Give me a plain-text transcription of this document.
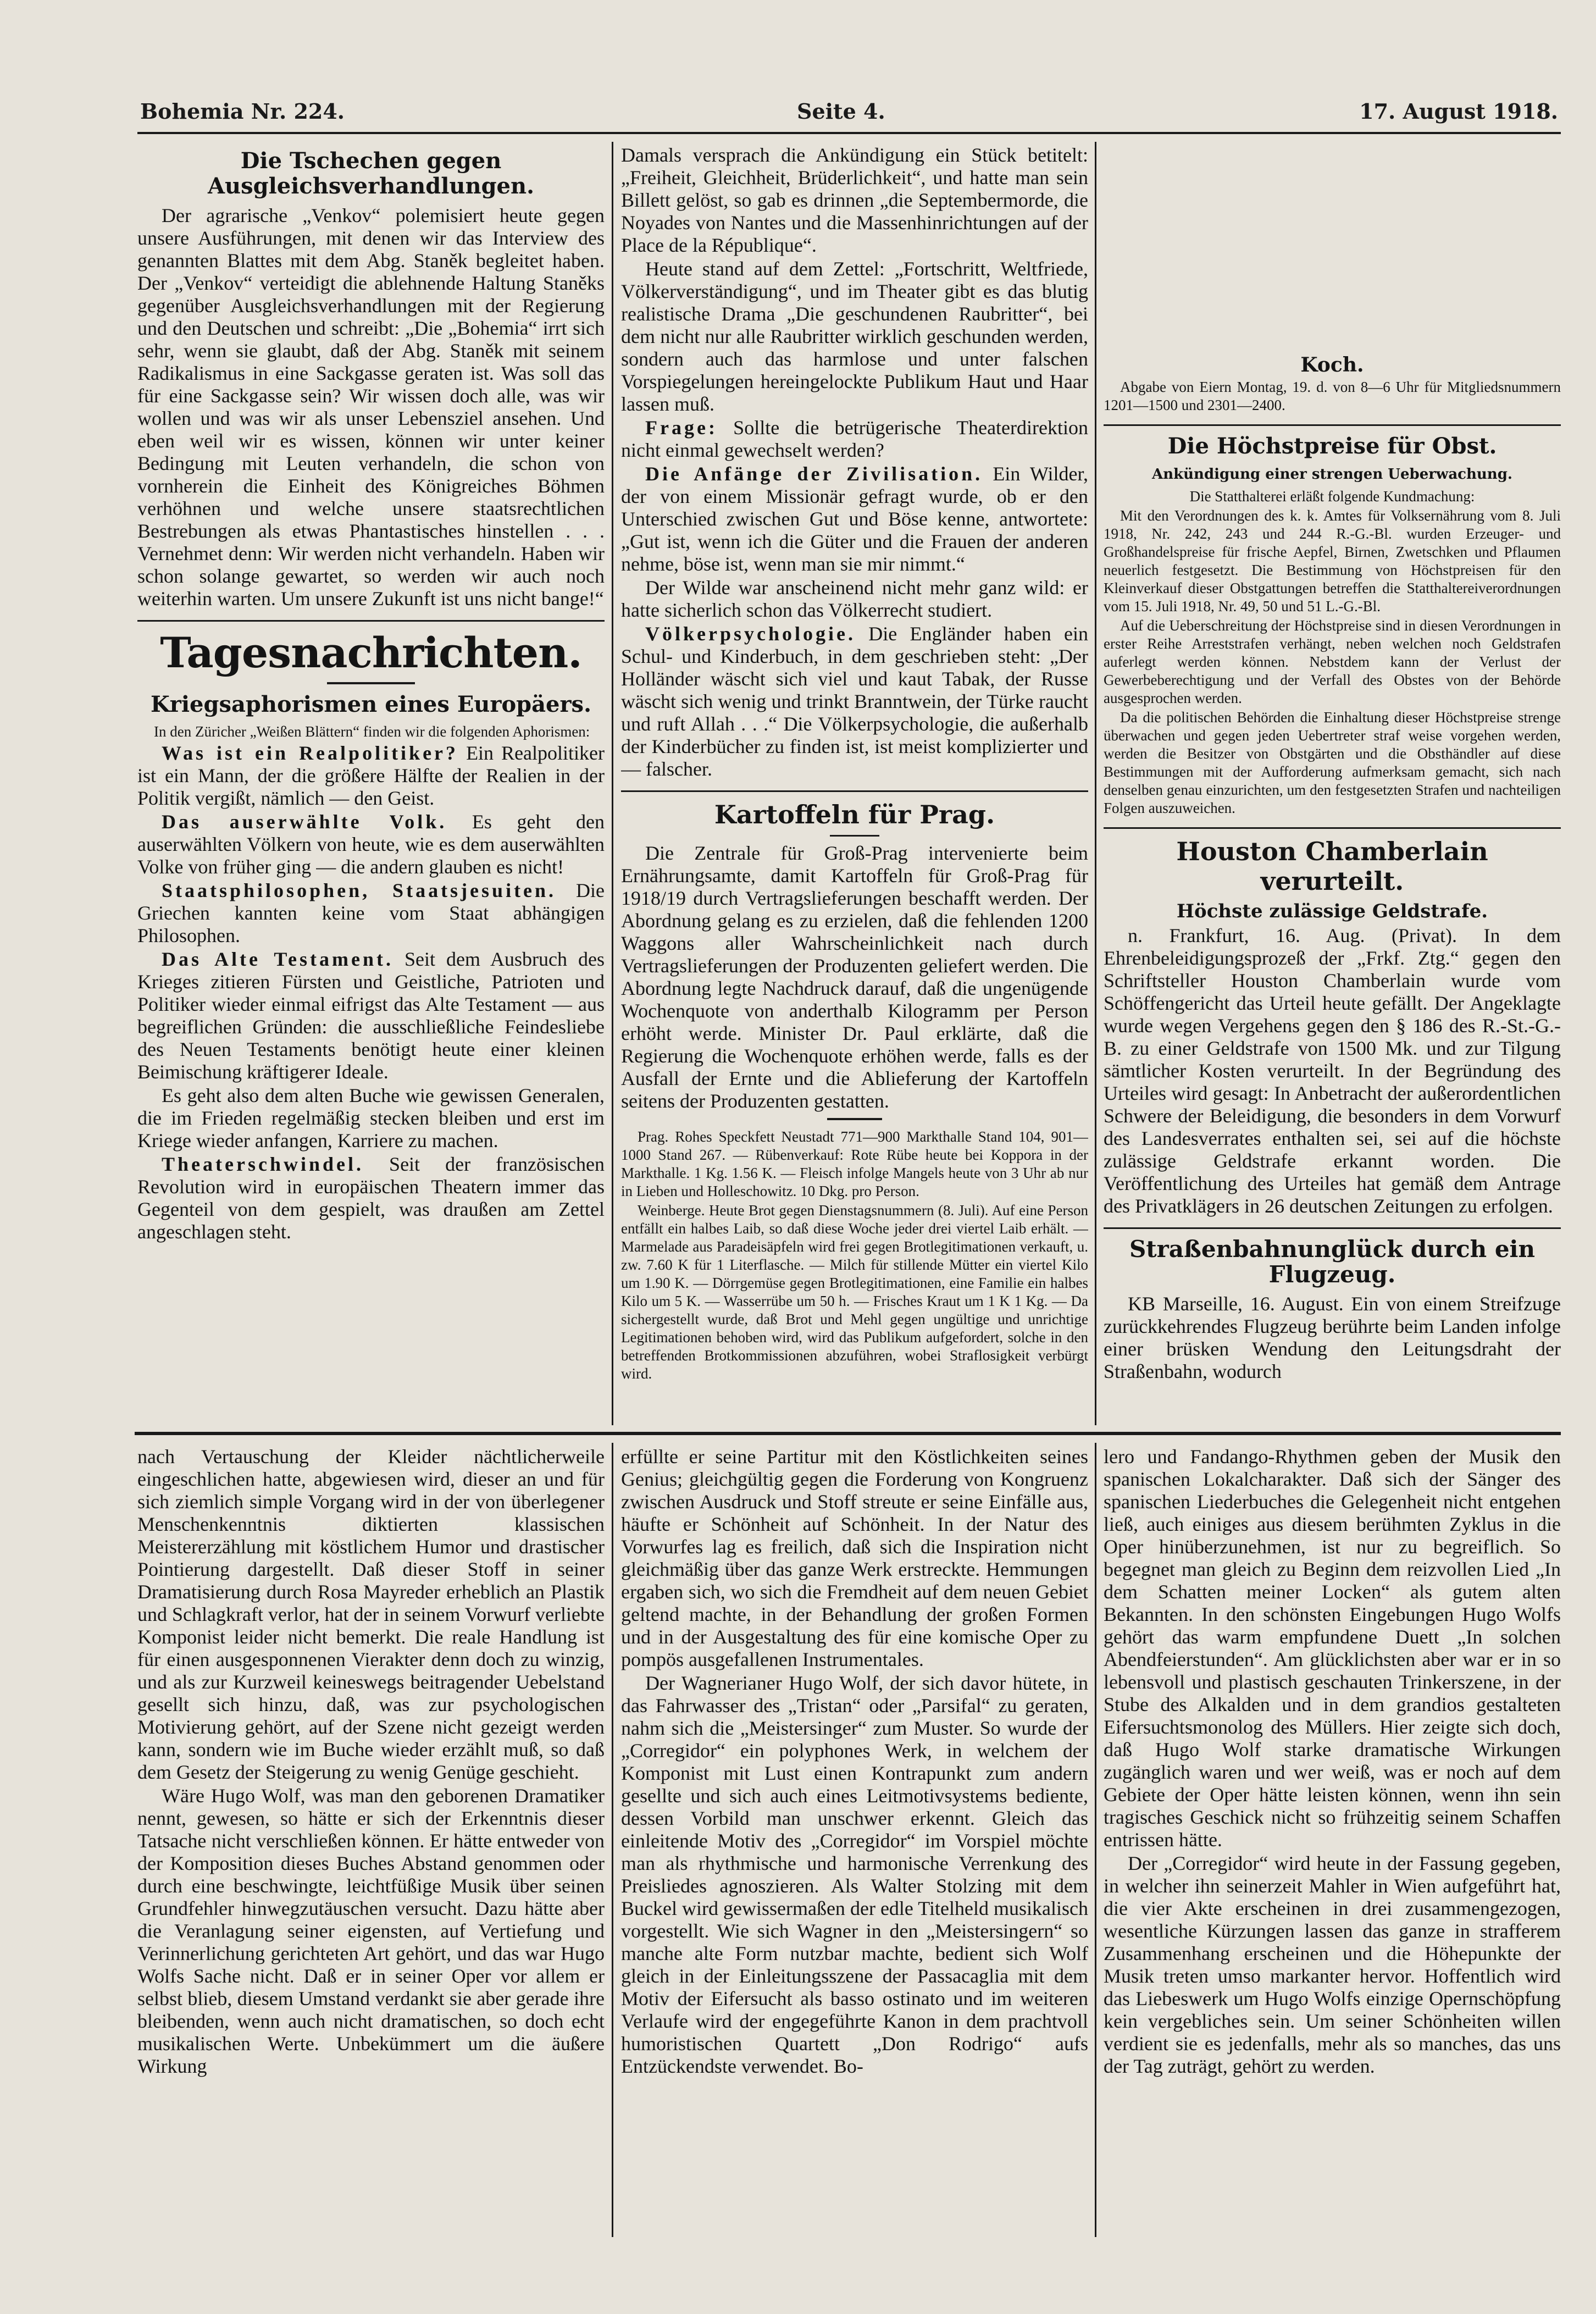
Bohemia Nr. 224.	Seite 4.	17. August 1918.
Die Tschechen gegen Ausgleichsverhandlungen.

Der agrarische „Venkov“ polemisiert heute gegen unsere Ausführungen, mit denen wir das Interview des genannten Blattes mit dem Abg. Staněk begleitet haben. Der „Venkov“ verteidigt die ablehnende Haltung Staněks gegenüber Ausgleichsverhandlungen mit der Regierung und den Deutschen und schreibt: „Die „Bohemia“ irrt sich sehr, wenn sie glaubt, daß der Abg. Staněk mit seinem Radikalismus in eine Sackgasse geraten ist. Was soll das für eine Sackgasse sein? Wir wissen doch alle, was wir wollen und was wir als unser Lebensziel ansehen. Und eben weil wir es wissen, können wir unter keiner Bedingung mit Leuten verhandeln, die schon von vornherein die Einheit des Königreiches Böhmen verhöhnen und welche unsere staatsrechtlichen Bestrebungen als etwas Phantastisches hinstellen . . . Vernehmet denn: Wir werden nicht verhandeln. Haben wir schon solange gewartet, so werden wir auch noch weiterhin warten. Um unsere Zukunft ist uns nicht bange!“

Tagesnachrichten.
Kriegsaphorismen eines Europäers.

In den Züricher „Weißen Blättern“ finden wir die folgenden Aphorismen:

Was ist ein Realpolitiker? Ein Realpolitiker ist ein Mann, der die größere Hälfte der Realien in der Politik vergißt, nämlich — den Geist.

Das auserwählte Volk. Es geht den auserwählten Völkern von heute, wie es dem auserwählten Volke von früher ging — die andern glauben es nicht!

Staatsphilosophen, Staatsjesuiten. Die Griechen kannten keine vom Staat abhängigen Philosophen.

Das Alte Testament. Seit dem Ausbruch des Krieges zitieren Fürsten und Geistliche, Patrioten und Politiker wieder einmal eifrigst das Alte Testament — aus begreiflichen Gründen: die ausschließliche Feindesliebe des Neuen Testaments benötigt heute einer kleinen Beimischung kräftigerer Ideale.

Es geht also dem alten Buche wie gewissen Generalen, die im Frieden regelmäßig stecken bleiben und erst im Kriege wieder anfangen, Karriere zu machen.

Theaterschwindel. Seit der französischen Revolution wird in europäischen Theatern immer das Gegenteil von dem gespielt, was draußen am Zettel angeschlagen steht.

Damals versprach die Ankündigung ein Stück betitelt: „Freiheit, Gleichheit, Brüderlichkeit“, und hatte man sein Billett gelöst, so gab es drinnen „die Septembermorde, die Noyades von Nantes und die Massenhinrichtungen auf der Place de la République“.

Heute stand auf dem Zettel: „Fortschritt, Weltfriede, Völkerverständigung“, und im Theater gibt es das blutig realistische Drama „Die geschundenen Raubritter“, bei dem nicht nur alle Raubritter wirklich geschunden werden, sondern auch das harmlose und unter falschen Vorspiegelungen hereingelockte Publikum Haut und Haar lassen muß.

Frage: Sollte die betrügerische Theaterdirektion nicht einmal gewechselt werden?

Die Anfänge der Zivilisation. Ein Wilder, der von einem Missionär gefragt wurde, ob er den Unterschied zwischen Gut und Böse kenne, antwortete: „Gut ist, wenn ich die Güter und die Frauen der anderen nehme, böse ist, wenn man sie mir nimmt.“

Der Wilde war anscheinend nicht mehr ganz wild: er hatte sicherlich schon das Völkerrecht studiert.

Völkerpsychologie. Die Engländer haben ein Schul- und Kinderbuch, in dem geschrieben steht: „Der Holländer wäscht sich viel und kaut Tabak, der Russe wäscht sich wenig und trinkt Branntwein, der Türke raucht und ruft Allah . . .“ Die Völkerpsychologie, die außerhalb der Kinderbücher zu finden ist, ist meist komplizierter und — falscher.

Kartoffeln für Prag.

Die Zentrale für Groß-Prag intervenierte beim Ernährungsamte, damit Kartoffeln für Groß-Prag für 1918/19 durch Vertragslieferungen beschafft werden. Der Abordnung gelang es zu erzielen, daß die fehlenden 1200 Waggons aller Wahrscheinlichkeit nach durch Vertragslieferungen der Produzenten geliefert werden. Die Abordnung legte Nachdruck darauf, daß die ungenügende Wochenquote von anderthalb Kilogramm per Person erhöht werde. Minister Dr. Paul erklärte, daß die Regierung die Wochenquote erhöhen werde, falls es der Ausfall der Ernte und die Ablieferung der Kartoffeln seitens der Produzenten gestatten.

Prag. Rohes Speckfett Neustadt 771—900 Markthalle Stand 104, 901—1000 Stand 267. — Rübenverkauf: Rote Rübe heute bei Koppora in der Markthalle. 1 Kg. 1.56 K. — Fleisch infolge Mangels heute von 3 Uhr ab nur in Lieben und Holleschowitz. 10 Dkg. pro Person.

Weinberge. Heute Brot gegen Dienstagsnummern (8. Juli). Auf eine Person entfällt ein halbes Laib, so daß diese Woche jeder drei viertel Laib erhält. — Marmelade aus Paradeisäpfeln wird frei gegen Brotlegitimationen verkauft, u. zw. 7.60 K für 1 Literflasche. — Milch für stillende Mütter ein viertel Kilo um 1.90 K. — Dörrgemüse gegen Brotlegitimationen, eine Familie ein halbes Kilo um 5 K. — Wasserrübe um 50 h. — Frisches Kraut um 1 K 1 Kg. — Da sichergestellt wurde, daß Brot und Mehl gegen ungültige und unrichtige Legitimationen behoben wird, wird das Publikum aufgefordert, solche in den betreffenden Brotkommissionen abzuführen, wobei Straflosigkeit verbürgt wird.

Koch.

Abgabe von Eiern Montag, 19. d. von 8—6 Uhr für Mitgliedsnummern 1201—1500 und 2301—2400.

Die Höchstpreise für Obst.
Ankündigung einer strengen Ueberwachung.

Die Statthalterei erläßt folgende Kundmachung:

Mit den Verordnungen des k. k. Amtes für Volksernährung vom 8. Juli 1918, Nr. 242, 243 und 244 R.-G.-Bl. wurden Erzeuger- und Großhandelspreise für frische Aepfel, Birnen, Zwetschken und Pflaumen neuerlich festgesetzt. Die Bestimmung von Höchstpreisen für den Kleinverkauf dieser Obstgattungen betreffen die Statthaltereiverordnungen vom 15. Juli 1918, Nr. 49, 50 und 51 L.-G.-Bl.

Auf die Ueberschreitung der Höchstpreise sind in diesen Verordnungen in erster Reihe Arreststrafen verhängt, neben welchen noch Geldstrafen auferlegt werden können. Nebstdem kann der Verlust der Gewerbeberechtigung und der Verfall des Obstes von der Behörde ausgesprochen werden.

Da die politischen Behörden die Einhaltung dieser Höchstpreise strenge überwachen und gegen jeden Uebertreter straf weise vorgehen werden, werden die Besitzer von Obstgärten und die Obsthändler auf diese Bestimmungen mit der Aufforderung aufmerksam gemacht, sich nach denselben genau einzurichten, um den festgesetzten Strafen und nachteiligen Folgen auszuweichen.

Houston Chamberlain verurteilt.
Höchste zulässige Geldstrafe.

n. Frankfurt, 16. Aug. (Privat). In dem Ehrenbeleidigungsprozeß der „Frkf. Ztg.“ gegen den Schriftsteller Houston Chamberlain wurde vom Schöffengericht das Urteil heute gefällt. Der Angeklagte wurde wegen Vergehens gegen den § 186 des R.-St.-G.-B. zu einer Geldstrafe von 1500 Mk. und zur Tilgung sämtlicher Kosten verurteilt. In der Begründung des Urteiles wird gesagt: In Anbetracht der außerordentlichen Schwere der Beleidigung, die besonders in dem Vorwurf des Landesverrates enthalten sei, sei auf die höchste zulässige Geldstrafe erkannt worden. Die Veröffentlichung des Urteiles hat gemäß dem Antrage des Privatklägers in 26 deutschen Zeitungen zu erfolgen.

Straßenbahnunglück durch ein Flugzeug.

KB Marseille, 16. August. Ein von einem Streifzuge zurückkehrendes Flugzeug berührte beim Landen infolge einer brüsken Wendung den Leitungsdraht der Straßenbahn, wodurch

nach Vertauschung der Kleider nächtlicherweile eingeschlichen hatte, abgewiesen wird, dieser an und für sich ziemlich simple Vorgang wird in der von überlegener Menschenkenntnis diktierten klassischen Meistererzählung mit köstlichem Humor und drastischer Pointierung dargestellt. Daß dieser Stoff in seiner Dramatisierung durch Rosa Mayreder erheblich an Plastik und Schlagkraft verlor, hat der in seinem Vorwurf verliebte Komponist leider nicht bemerkt. Die reale Handlung ist für einen ausgesponnenen Vierakter denn doch zu winzig, und als zur Kurzweil keineswegs beitragender Uebelstand gesellt sich hinzu, daß, was zur psychologischen Motivierung gehört, auf der Szene nicht gezeigt werden kann, sondern wie im Buche wieder erzählt muß, so daß dem Gesetz der Steigerung zu wenig Genüge geschieht.

Wäre Hugo Wolf, was man den geborenen Dramatiker nennt, gewesen, so hätte er sich der Erkenntnis dieser Tatsache nicht verschließen können. Er hätte entweder von der Komposition dieses Buches Abstand genommen oder durch eine beschwingte, leichtfüßige Musik über seinen Grundfehler hinwegzutäuschen versucht. Dazu hätte aber die Veranlagung seiner eigensten, auf Vertiefung und Verinnerlichung gerichteten Art gehört, und das war Hugo Wolfs Sache nicht. Daß er in seiner Oper vor allem er selbst blieb, diesem Umstand verdankt sie aber gerade ihre bleibenden, wenn auch nicht dramatischen, so doch echt musikalischen Werte. Unbekümmert um die äußere Wirkung

erfüllte er seine Partitur mit den Köstlichkeiten seines Genius; gleichgültig gegen die Forderung von Kongruenz zwischen Ausdruck und Stoff streute er seine Einfälle aus, häufte er Schönheit auf Schönheit. In der Natur des Vorwurfes lag es freilich, daß sich die Inspiration nicht gleichmäßig über das ganze Werk erstreckte. Hemmungen ergaben sich, wo sich die Fremdheit auf dem neuen Gebiet geltend machte, in der Behandlung der großen Formen und in der Ausgestaltung des für eine komische Oper zu pompös ausgefallenen Instrumentales.

Der Wagnerianer Hugo Wolf, der sich davor hütete, in das Fahrwasser des „Tristan“ oder „Parsifal“ zu geraten, nahm sich die „Meistersinger“ zum Muster. So wurde der „Corregidor“ ein polyphones Werk, in welchem der Komponist mit Lust einen Kontrapunkt zum andern gesellte und sich auch eines Leitmotivsystems bediente, dessen Vorbild man unschwer erkennt. Gleich das einleitende Motiv des „Corregidor“ im Vorspiel möchte man als rhythmische und harmonische Verrenkung des Preisliedes agnoszieren. Als Walter Stolzing mit dem Buckel wird gewissermaßen der edle Titelheld musikalisch vorgestellt. Wie sich Wagner in den „Meistersingern“ so manche alte Form nutzbar machte, bedient sich Wolf gleich in der Einleitungsszene der Passacaglia mit dem Motiv der Eifersucht als basso ostinato und im weiteren Verlaufe wird der engegeführte Kanon in dem prachtvoll humoristischen Quartett „Don Rodrigo“ aufs Entzückendste verwendet. Bo-

lero und Fandango-Rhythmen geben der Musik den spanischen Lokalcharakter. Daß sich der Sänger des spanischen Liederbuches die Gelegenheit nicht entgehen ließ, auch einiges aus diesem berühmten Zyklus in die Oper hinüberzunehmen, ist nur zu begreiflich. So begegnet man gleich zu Beginn dem reizvollen Lied „In dem Schatten meiner Locken“ als gutem alten Bekannten. In den schönsten Eingebungen Hugo Wolfs gehört das warm empfundene Duett „In solchen Abendfeierstunden“. Am glücklichsten aber war er in so lebensvoll und plastisch geschauten Trinkerszene, in der Stube des Alkalden und in dem grandios gestalteten Eifersuchtsmonolog des Müllers. Hier zeigte sich doch, daß Hugo Wolf starke dramatische Wirkungen zugänglich waren und wer weiß, was er noch auf dem Gebiete der Oper hätte leisten können, wenn ihn sein tragisches Geschick nicht so frühzeitig seinem Schaffen entrissen hätte.

Der „Corregidor“ wird heute in der Fassung gegeben, in welcher ihn seinerzeit Mahler in Wien aufgeführt hat, die vier Akte erscheinen in drei zusammengezogen, wesentliche Kürzungen lassen das ganze in strafferem Zusammenhang erscheinen und die Höhepunkte der Musik treten umso markanter hervor. Hoffentlich wird das Liebeswerk um Hugo Wolfs einzige Opernschöpfung kein vergebliches sein. Um seiner Schönheiten willen verdient sie es jedenfalls, mehr als so manches, das uns der Tag zuträgt, gehört zu werden.
